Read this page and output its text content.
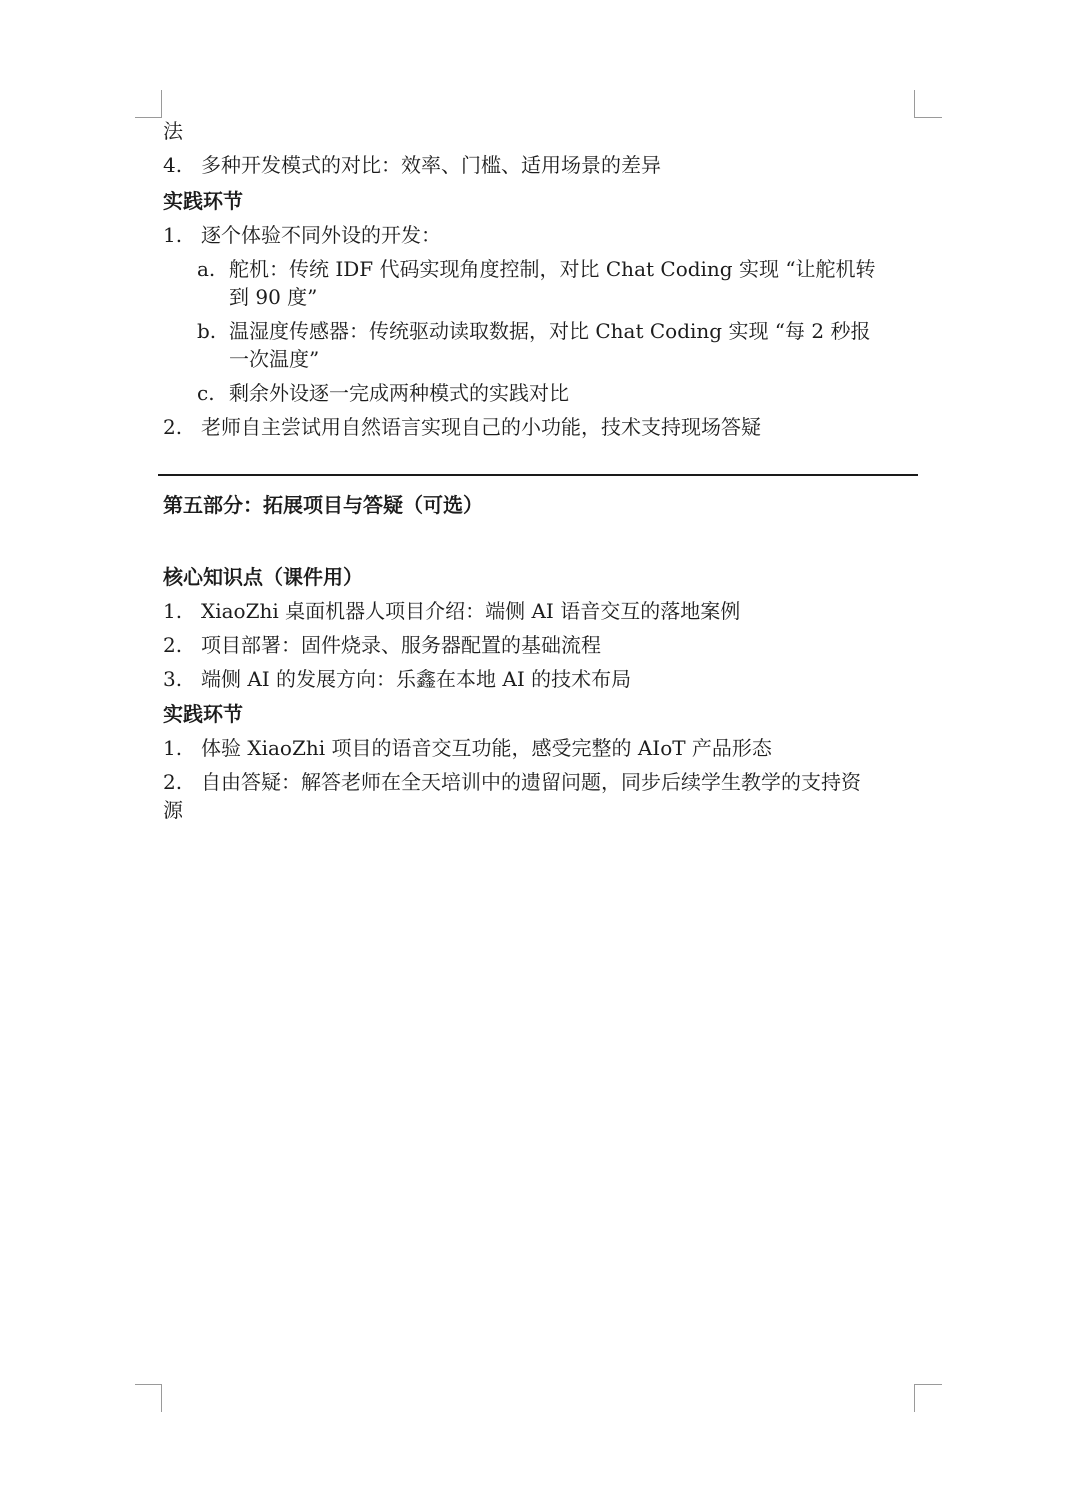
法
4. 多种开发模式的对比：效率、门槛、适用场景的差异
实践环节
1. 逐个体验不同外设的开发：
a. 舵机：传统 IDF 代码实现角度控制，对比 Chat Coding 实现 “让舵机转
到 90 度”
b. 温湿度传感器：传统驱动读取数据，对比 Chat Coding 实现 “每 2 秒报
一次温度”
c. 剩余外设逐一完成两种模式的实践对比
2. 老师自主尝试用自然语言实现自己的小功能，技术支持现场答疑
第五部分：拓展项目与答疑（可选）
核心知识点（课件用）
1. XiaoZhi 桌面机器人项目介绍：端侧 AI 语音交互的落地案例
2. 项目部署：固件烧录、服务器配置的基础流程
3. 端侧 AI 的发展方向：乐鑫在本地 AI 的技术布局
实践环节
1. 体验 XiaoZhi 项目的语音交互功能，感受完整的 AIoT 产品形态
2. 自由答疑：解答老师在全天培训中的遗留问题，同步后续学生教学的支持资
源
